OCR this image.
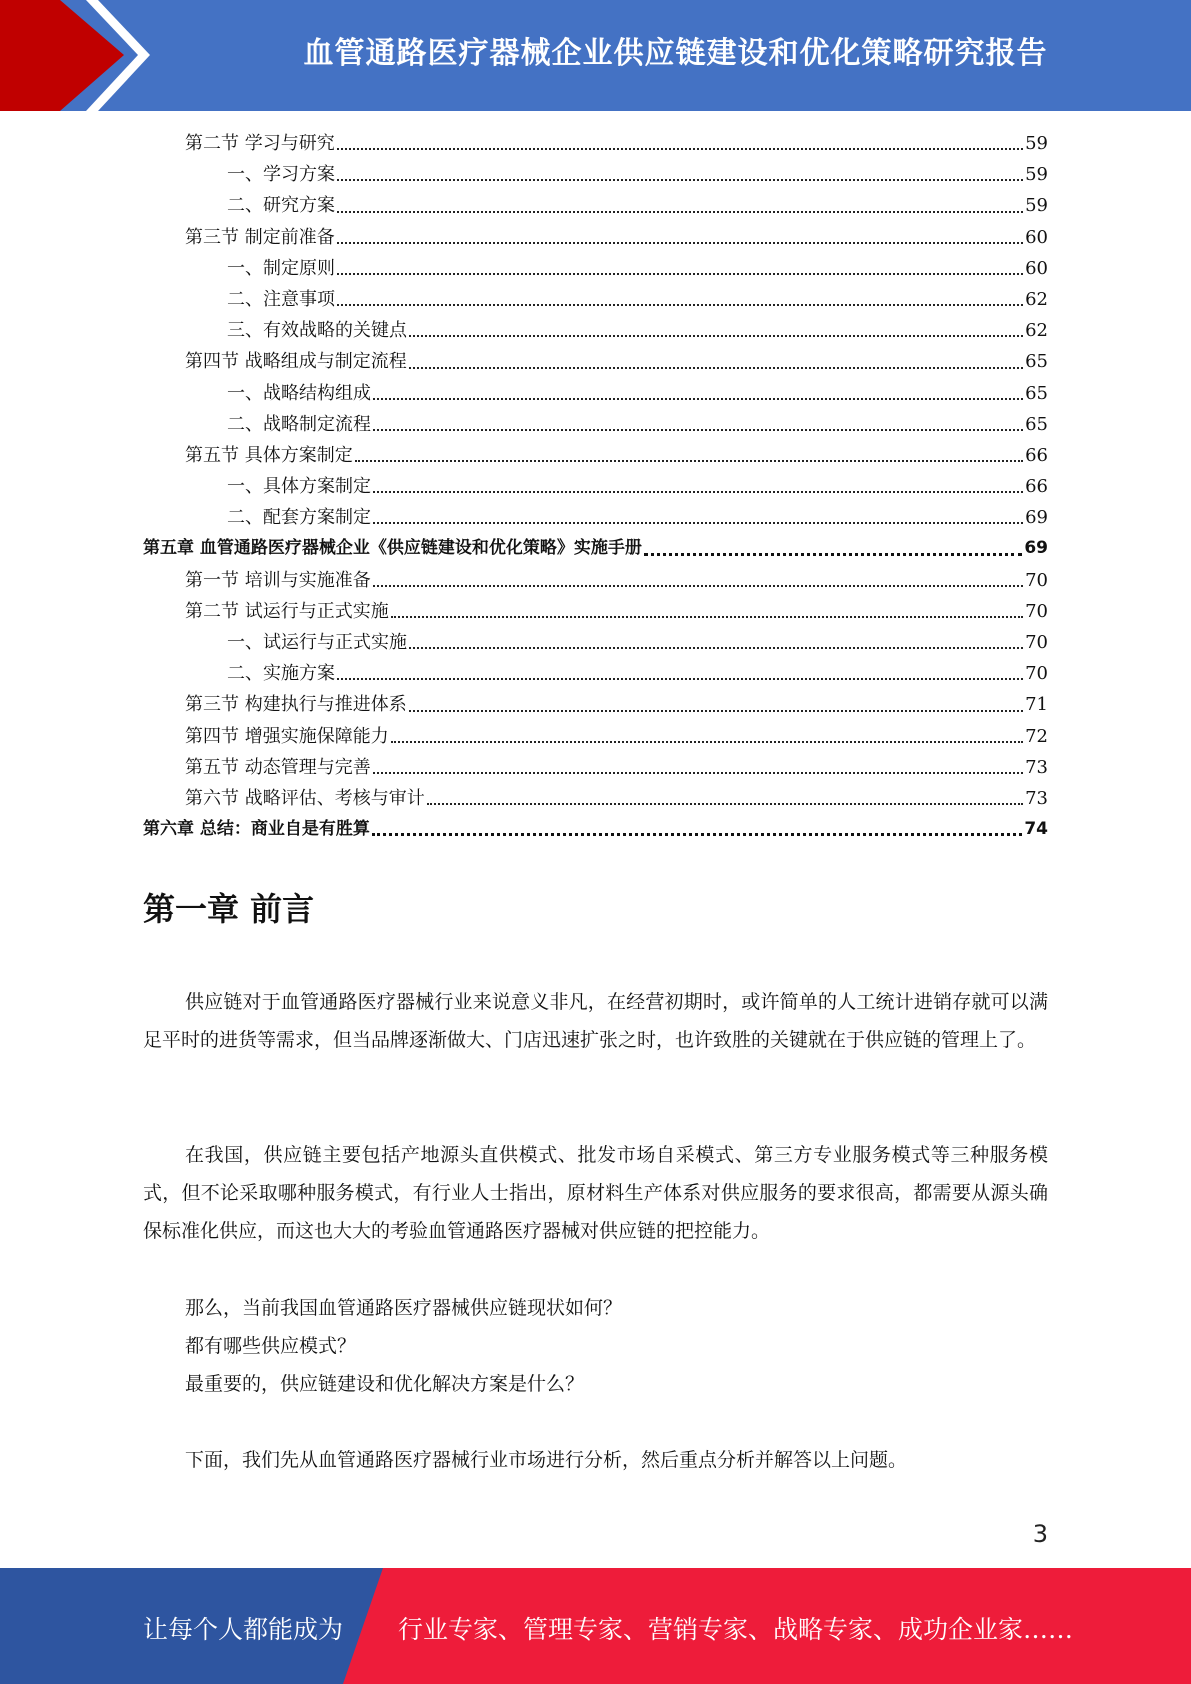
血管通路医疗器械企业供应链建设和优化策略研究报告
第二节 学习与研究	59
一、学习方案	59
二、研究方案	59
第三节 制定前准备	60
一、制定原则	60
二、注意事项	62
三、有效战略的关键点	62
第四节 战略组成与制定流程	65
一、战略结构组成	65
二、战略制定流程	65
第五节 具体方案制定	66
一、具体方案制定	66
二、配套方案制定	69
第五章 血管通路医疗器械企业《供应链建设和优化策略》实施手册	69
第一节 培训与实施准备	70
第二节 试运行与正式实施	70
一、试运行与正式实施	70
二、实施方案	70
第三节 构建执行与推进体系	71
第四节 增强实施保障能力	72
第五节 动态管理与完善	73
第六节 战略评估、考核与审计	73
第六章 总结：商业自是有胜算	74
第一章 前言

供应链对于血管通路医疗器械行业来说意义非凡，在经营初期时，或许简单的人工统计进销存就可以满足平时的进货等需求，但当品牌逐渐做大、门店迅速扩张之时，也许致胜的关键就在于供应链的管理上了。

在我国，供应链主要包括产地源头直供模式、批发市场自采模式、第三方专业服务模式等三种服务模式，但不论采取哪种服务模式，有行业人士指出，原材料生产体系对供应服务的要求很高，都需要从源头确保标准化供应，而这也大大的考验血管通路医疗器械对供应链的把控能力。

那么，当前我国血管通路医疗器械供应链现状如何？
都有哪些供应模式？
最重要的，供应链建设和优化解决方案是什么？

下面，我们先从血管通路医疗器械行业市场进行分析，然后重点分析并解答以上问题。

3
让每个人都能成为 行业专家、管理专家、营销专家、战略专家、成功企业家……
